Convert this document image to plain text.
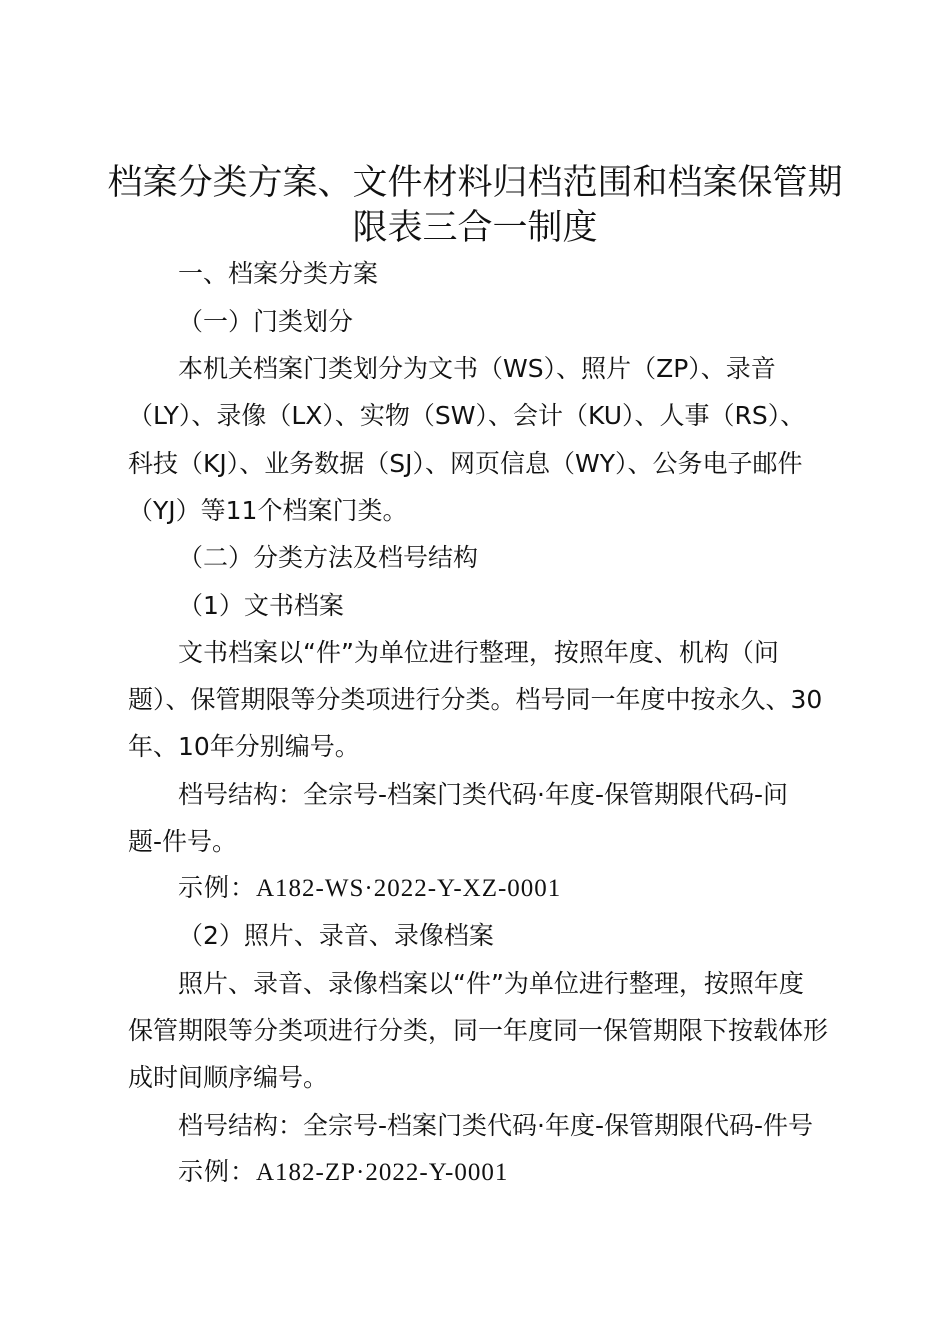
档案分类方案、文件材料归档范围和档案保管期
限表三合一制度

一、档案分类方案

（一）门类划分

本机关档案门类划分为文书（WS）、照片（ZP）、录音

（LY）、录像（LX）、实物（SW）、会计（KU）、人事（RS）、

科技（KJ）、业务数据（SJ）、网页信息（WY）、公务电子邮件

（YJ）等11个档案门类。

（二）分类方法及档号结构

（1）文书档案

文书档案以“件”为单位进行整理，按照年度、机构（问

题）、保管期限等分类项进行分类。档号同一年度中按永久、30

年、10年分别编号。

档号结构：全宗号-档案门类代码·年度-保管期限代码-问

题-件号。

示例：A182-WS·2022-Y-XZ-0001

（2）照片、录音、录像档案

照片、录音、录像档案以“件”为单位进行整理，按照年度

保管期限等分类项进行分类，同一年度同一保管期限下按载体形

成时间顺序编号。

档号结构：全宗号-档案门类代码·年度-保管期限代码-件号

示例：A182-ZP·2022-Y-0001
